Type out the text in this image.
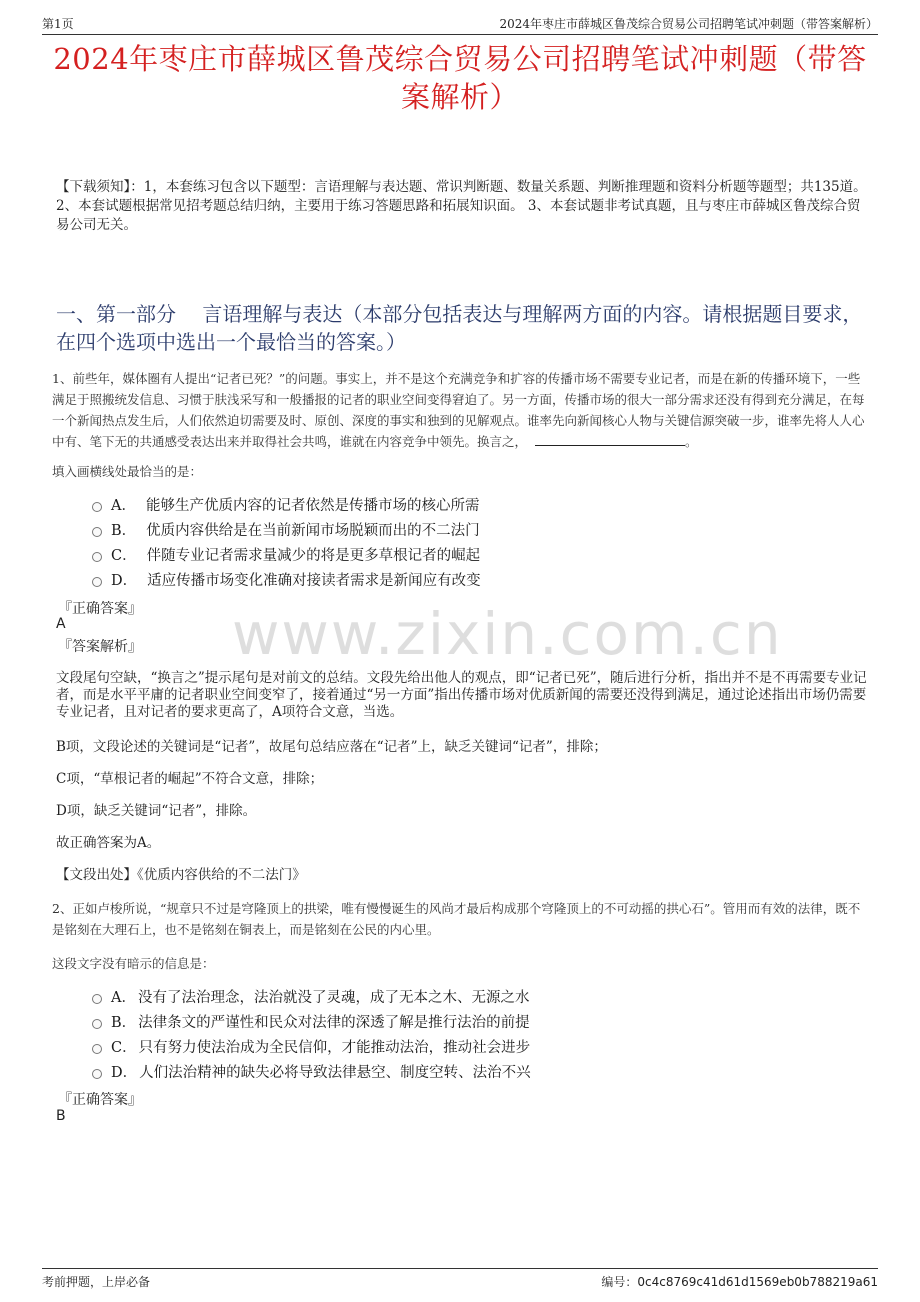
第1页	2024年枣庄市薛城区鲁茂综合贸易公司招聘笔试冲刺题（带答案解析）
2024年枣庄市薛城区鲁茂综合贸易公司招聘笔试冲刺题（带答案解析）
【下载须知】：1，本套练习包含以下题型：言语理解与表达题、常识判断题、数量关系题、判断推理题和资料分析题等题型；共135道。 2、本套试题根据常见招考题总结归纳，主要用于练习答题思路和拓展知识面。 3、本套试题非考试真题，且与枣庄市薛城区鲁茂综合贸易公司无关。
一、第一部分　 言语理解与表达（本部分包括表达与理解两方面的内容。请根据题目要求，在四个选项中选出一个最恰当的答案。）
1、前些年，媒体圈有人提出“记者已死？”的问题。事实上，并不是这个充满竞争和扩容的传播市场不需要专业记者，而是在新的传播环境下，一些满足于照搬统发信息、习惯于肤浅采写和一般播报的记者的职业空间变得窘迫了。另一方面，传播市场的很大一部分需求还没有得到充分满足，在每一个新闻热点发生后，人们依然迫切需要及时、原创、深度的事实和独到的见解观点。谁率先向新闻核心人物与关键信源突破一步，谁率先将人人心中有、笔下无的共通感受表达出来并取得社会共鸣，谁就在内容竞争中领先。换言之，	。
填入画横线处最恰当的是：
A． 能够生产优质内容的记者依然是传播市场的核心所需
B． 优质内容供给是在当前新闻市场脱颖而出的不二法门
C． 伴随专业记者需求量减少的将是更多草根记者的崛起
D． 适应传播市场变化准确对接读者需求是新闻应有改变
『正确答案』
A
『答案解析』 www.zixin.com.cn
文段尾句空缺，“换言之”提示尾句是对前文的总结。文段先给出他人的观点，即“记者已死”，随后进行分析，指出并不是不再需要专业记者，而是水平平庸的记者职业空间变窄了，接着通过“另一方面”指出传播市场对优质新闻的需要还没得到满足，通过论述指出市场仍需要专业记者，且对记者的要求更高了，A项符合文意，当选。
B项，文段论述的关键词是“记者”，故尾句总结应落在“记者”上，缺乏关键词“记者”，排除；
C项，“草根记者的崛起”不符合文意，排除；
D项，缺乏关键词“记者”，排除。
故正确答案为A。
【文段出处】《优质内容供给的不二法门》
2、正如卢梭所说，“规章只不过是穹隆顶上的拱梁，唯有慢慢诞生的风尚才最后构成那个穹隆顶上的不可动摇的拱心石”。管用而有效的法律，既不是铭刻在大理石上，也不是铭刻在铜表上，而是铭刻在公民的内心里。
这段文字没有暗示的信息是：
A． 没有了法治理念，法治就没了灵魂，成了无本之木、无源之水
B． 法律条文的严谨性和民众对法律的深透了解是推行法治的前提
C． 只有努力使法治成为全民信仰，才能推动法治，推动社会进步
D． 人们法治精神的缺失必将导致法律悬空、制度空转、法治不兴
『正确答案』
B
考前押题，上岸必备	编号：0c4c8769c41d61d1569eb0b788219a61
